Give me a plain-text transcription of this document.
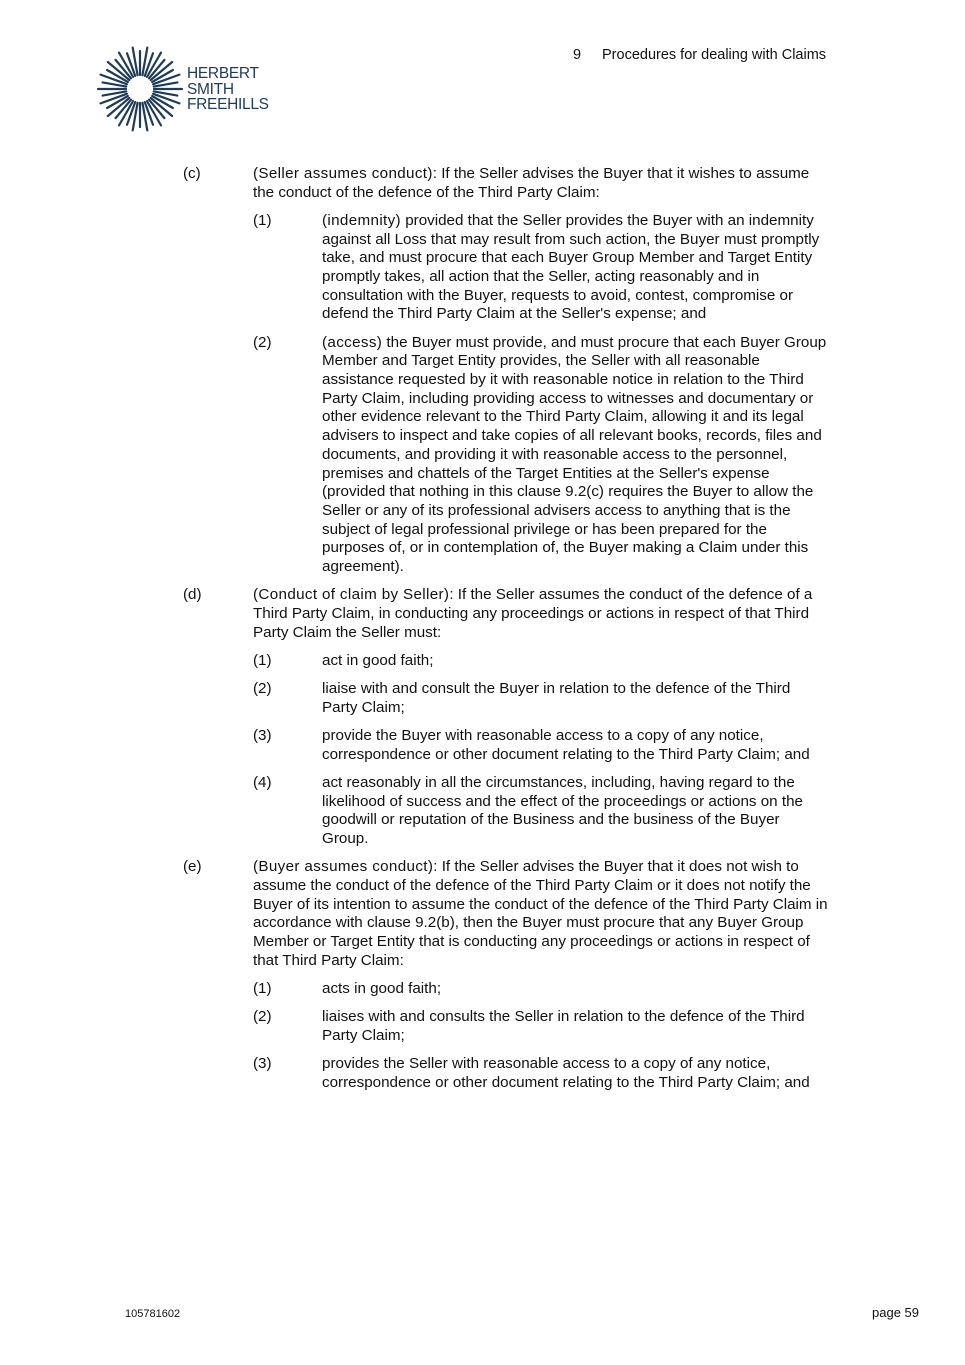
HERBERT
SMITH
FREEHILLS
9 Procedures for dealing with Claims
(c)	(Seller assumes conduct): If the Seller advises the Buyer that it wishes to assume the conduct of the defence of the Third Party Claim:
(1)	(indemnity) provided that the Seller provides the Buyer with an indemnity against all Loss that may result from such action, the Buyer must promptly take, and must procure that each Buyer Group Member and Target Entity promptly takes, all action that the Seller, acting reasonably and in consultation with the Buyer, requests to avoid, contest, compromise or defend the Third Party Claim at the Seller's expense; and
(2)	(access) the Buyer must provide, and must procure that each Buyer Group Member and Target Entity provides, the Seller with all reasonable assistance requested by it with reasonable notice in relation to the Third Party Claim, including providing access to witnesses and documentary or other evidence relevant to the Third Party Claim, allowing it and its legal advisers to inspect and take copies of all relevant books, records, files and documents, and providing it with reasonable access to the personnel, premises and chattels of the Target Entities at the Seller's expense (provided that nothing in this clause 9.2(c) requires the Buyer to allow the Seller or any of its professional advisers access to anything that is the subject of legal professional privilege or has been prepared for the purposes of, or in contemplation of, the Buyer making a Claim under this agreement).
(d)	(Conduct of claim by Seller): If the Seller assumes the conduct of the defence of a Third Party Claim, in conducting any proceedings or actions in respect of that Third Party Claim the Seller must:
(1)	act in good faith;
(2)	liaise with and consult the Buyer in relation to the defence of the Third Party Claim;
(3)	provide the Buyer with reasonable access to a copy of any notice, correspondence or other document relating to the Third Party Claim; and
(4)	act reasonably in all the circumstances, including, having regard to the likelihood of success and the effect of the proceedings or actions on the goodwill or reputation of the Business and the business of the Buyer Group.
(e)	(Buyer assumes conduct): If the Seller advises the Buyer that it does not wish to assume the conduct of the defence of the Third Party Claim or it does not notify the Buyer of its intention to assume the conduct of the defence of the Third Party Claim in accordance with clause 9.2(b), then the Buyer must procure that any Buyer Group Member or Target Entity that is conducting any proceedings or actions in respect of that Third Party Claim:
(1)	acts in good faith;
(2)	liaises with and consults the Seller in relation to the defence of the Third Party Claim;
(3)	provides the Seller with reasonable access to a copy of any notice, correspondence or other document relating to the Third Party Claim; and
105781602	page 59
